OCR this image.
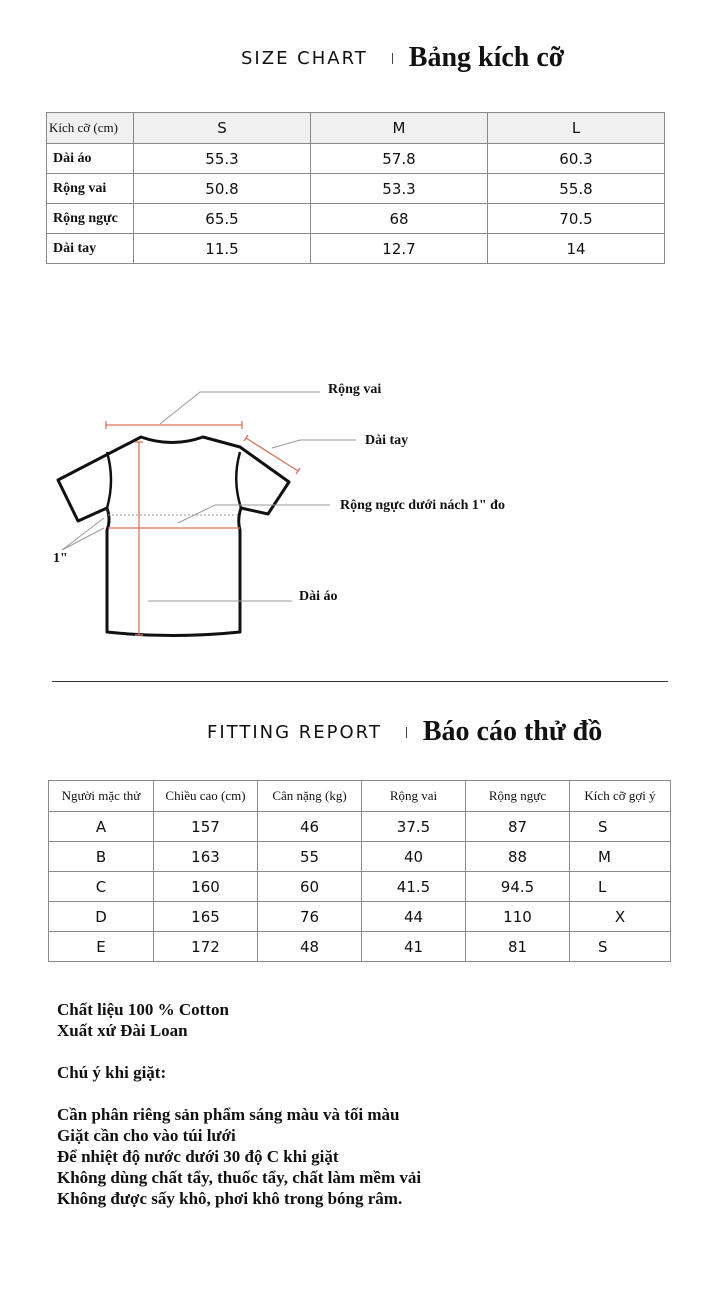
SIZE CHART Bảng kích cỡ
Kích cỡ (cm)	S	M	L
Dài áo	55.3	57.8	60.3
Rộng vai	50.8	53.3	55.8
Rộng ngực	65.5	68	70.5
Dài tay	11.5	12.7	14
Rộng vai
Dài tay
Rộng ngực dưới nách 1" đo
Dài áo
1"
FITTING REPORT Báo cáo thử đồ
Người mặc thử	Chiều cao (cm)	Cân nặng (kg)	Rộng vai	Rộng ngực	Kích cỡ gợi ý
A	157	46	37.5	87	S
B	163	55	40	88	M
C	160	60	41.5	94.5	L
D	165	76	44	110	X
E	172	48	41	81	S
Chất liệu 100 % Cotton
Xuất xứ Đài Loan
Chú ý khi giặt:
Cần phân riêng sản phẩm sáng màu và tối màu
Giặt cần cho vào túi lưới
Để nhiệt độ nước dưới 30 độ C khi giặt
Không dùng chất tẩy, thuốc tẩy, chất làm mềm vải
Không được sấy khô, phơi khô trong bóng râm.
